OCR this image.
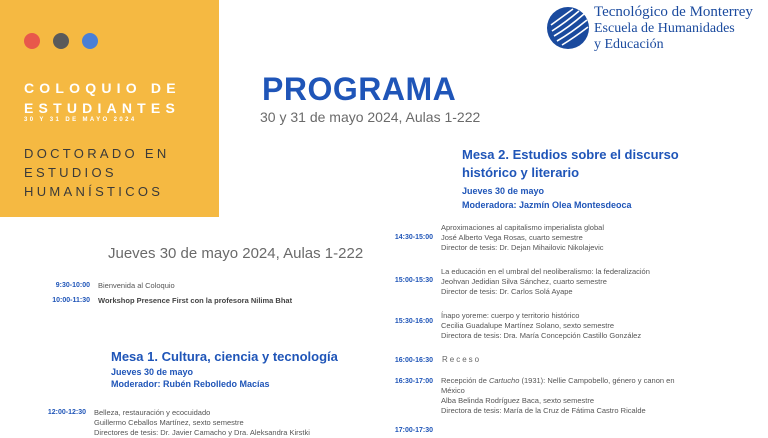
COLOQUIO DE
ESTUDIANTES
30 Y 31 DE MAYO 2024
DOCTORADO EN
ESTUDIOS
HUMANÍSTICOS
Tecnológico de Monterrey
Escuela de Humanidades
y Educación
PROGRAMA
30 y 31 de mayo 2024, Aulas 1-222
Jueves 30 de mayo 2024, Aulas 1-222
9:30-10:00 Bienvenida al Coloquio
10:00-11:30 Workshop Presence First con la profesora Nilima Bhat
Mesa 1. Cultura, ciencia y tecnología
Jueves 30 de mayo
Moderador: Rubén Rebolledo Macías
12:00-12:30 Belleza, restauración y ecocuidado
Guillermo Ceballos Martínez, sexto semestre
Directores de tesis: Dr. Javier Camacho y Dra. Aleksandra Kirstki
Mesa 2. Estudios sobre el discurso
histórico y literario
Jueves 30 de mayo
Moderadora: Jazmín Olea Montesdeoca
14:30-15:00
Aproximaciones al capitalismo imperialista global
José Alberto Vega Rosas, cuarto semestre
Director de tesis: Dr. Dejan Mihailovic Nikolajevic
15:00-15:30
La educación en el umbral del neoliberalismo: la federalización
Jeohvan Jedidian Silva Sánchez, cuarto semestre
Director de tesis: Dr. Carlos Solá Ayape
15:30-16:00
Ínapo yoreme: cuerpo y territorio histórico
Cecilia Guadalupe Martínez Solano, sexto semestre
Directora de tesis: Dra. María Concepción Castillo González
16:00-16:30 Receso
16:30-17:00 Recepción de Cartucho (1931): Nellie Campobello, género y canon en
México
Alba Belinda Rodríguez Baca, sexto semestre
Directora de tesis: María de la Cruz de Fátima Castro Ricalde
17:00-17:30
